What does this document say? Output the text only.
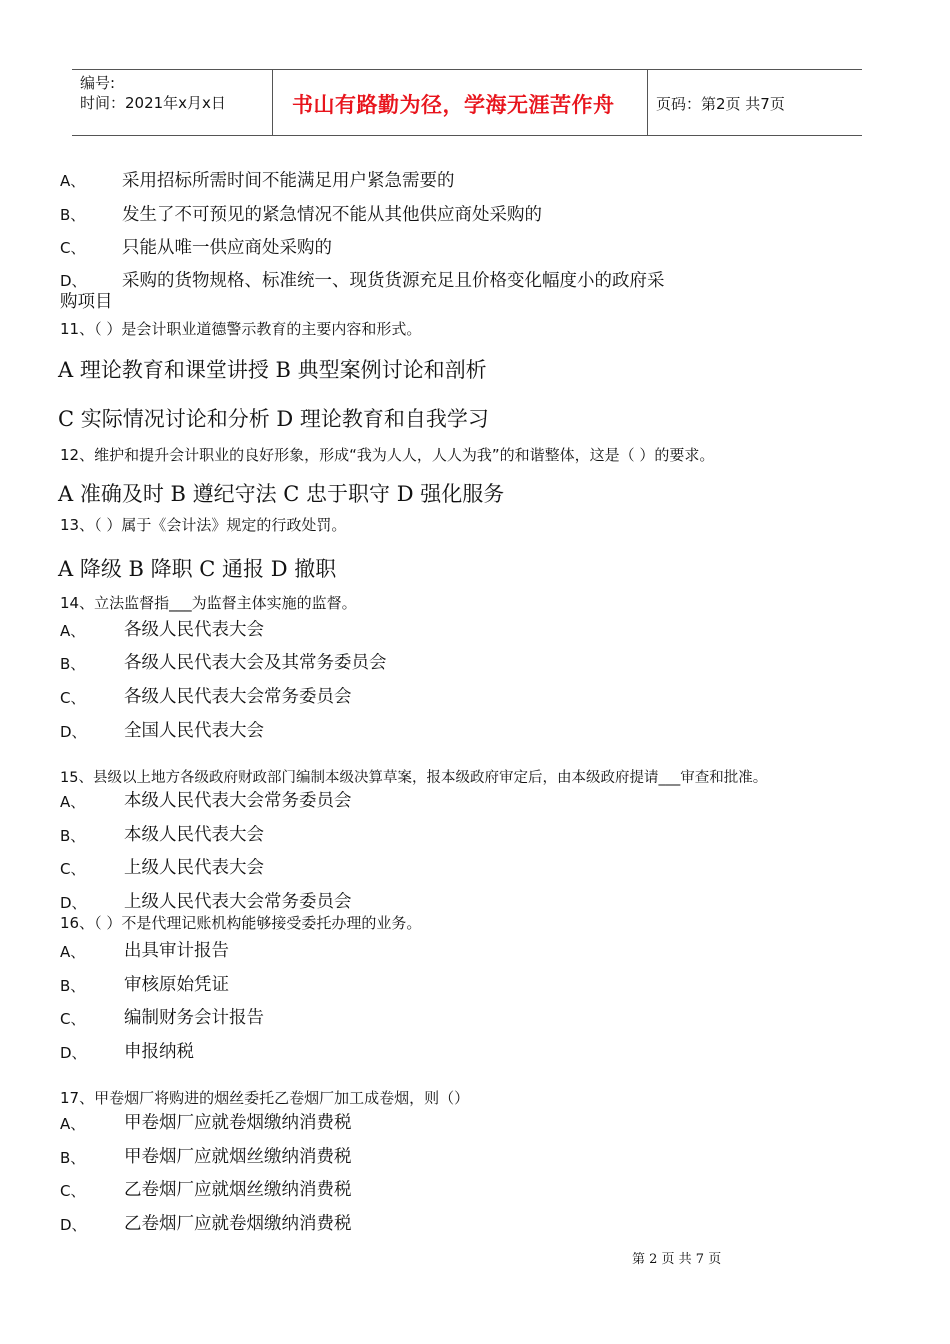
编号:
时间：2021年x月x日	书山有路勤为径，学海无涯苦作舟	页码：第2页 共7页
A、 采用招标所需时间不能满足用户紧急需要的
B、 发生了不可预见的紧急情况不能从其他供应商处采购的
C、 只能从唯一供应商处采购的
D、 采购的货物规格、标准统一、现货货源充足且价格变化幅度小的政府采
购项目
11、（ ）是会计职业道德警示教育的主要内容和形式。
A 理论教育和课堂讲授 B 典型案例讨论和剖析
C 实际情况讨论和分析 D 理论教育和自我学习
12、维护和提升会计职业的良好形象，形成“我为人人，人人为我”的和谐整体，这是（ ）的要求。
A 准确及时 B 遵纪守法 C 忠于职守 D 强化服务
13、（ ）属于《会计法》规定的行政处罚。
A 降级 B 降职 C 通报 D 撤职
14、立法监督指___为监督主体实施的监督。
A、 各级人民代表大会
B、 各级人民代表大会及其常务委员会
C、 各级人民代表大会常务委员会
D、 全国人民代表大会
15、县级以上地方各级政府财政部门编制本级决算草案，报本级政府审定后，由本级政府提请___审查和批准。
A、 本级人民代表大会常务委员会
B、 本级人民代表大会
C、 上级人民代表大会
D、 上级人民代表大会常务委员会
16、（ ）不是代理记账机构能够接受委托办理的业务。
A、 出具审计报告
B、 审核原始凭证
C、 编制财务会计报告
D、 申报纳税
17、甲卷烟厂将购进的烟丝委托乙卷烟厂加工成卷烟，则（）
A、 甲卷烟厂应就卷烟缴纳消费税
B、 甲卷烟厂应就烟丝缴纳消费税
C、 乙卷烟厂应就烟丝缴纳消费税
D、 乙卷烟厂应就卷烟缴纳消费税
第 2 页 共 7 页
